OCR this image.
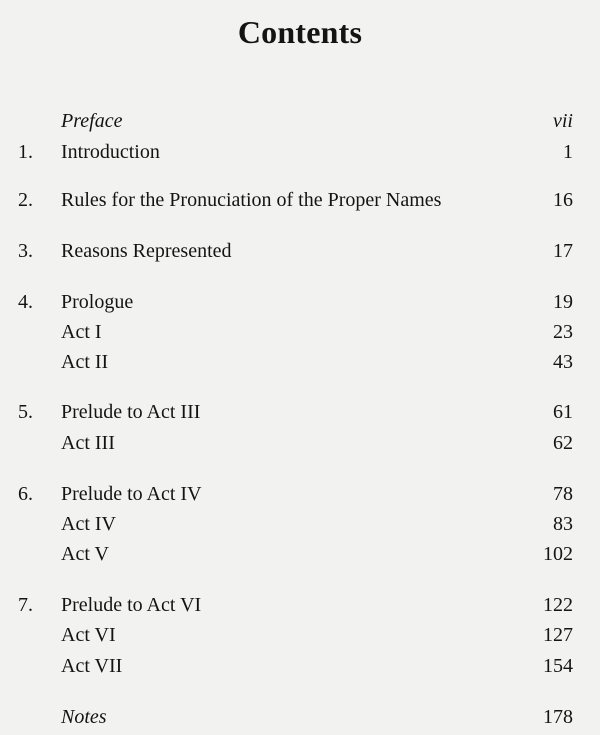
Contents
Preface	vii
1.	Introduction	1
2.	Rules for the Pronuciation of the Proper Names	16
3.	Reasons Represented	17
4.	Prologue	19
Act I	23
Act II	43
5.	Prelude to Act III	61
Act III	62
6.	Prelude to Act IV	78
Act IV	83
Act V	102
7.	Prelude to Act VI	122
Act VI	127
Act VII	154
Notes	178
